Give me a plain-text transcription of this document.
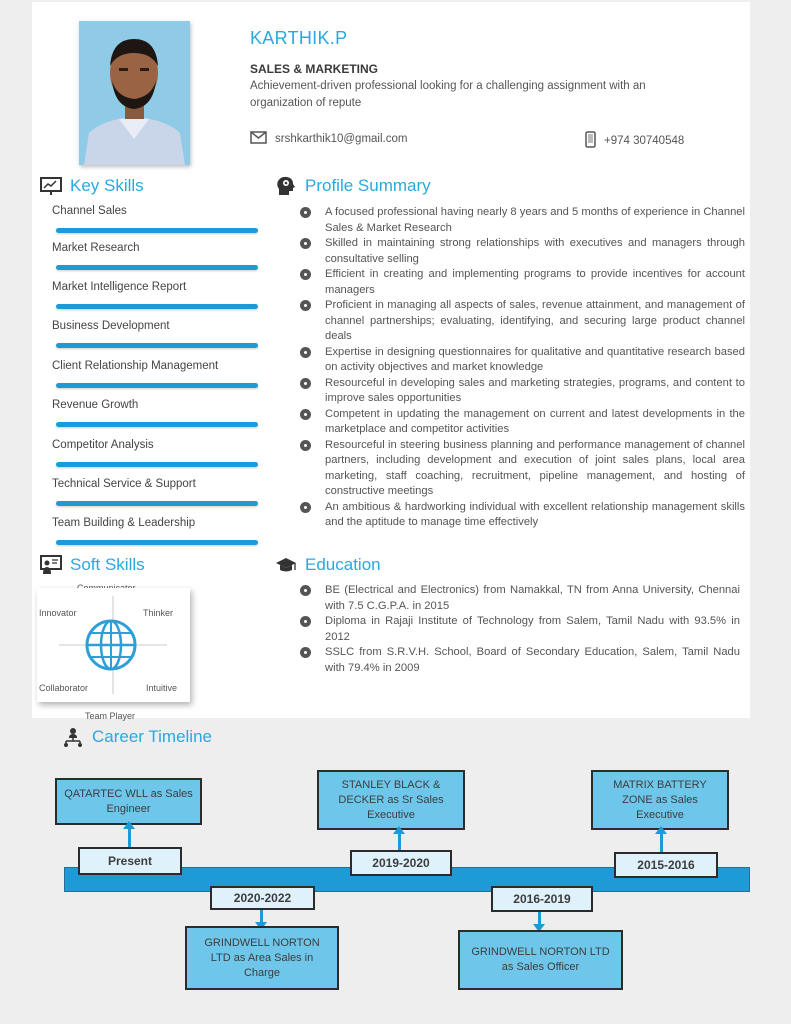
KARTHIK.P
SALES & MARKETING
Achievement-driven professional looking for a challenging assignment with an organization of repute
srshkarthik10@gmail.com	+974 30740548
Key Skills
Channel Sales
Market Research
Market Intelligence Report
Business Development
Client Relationship Management
Revenue Growth
Competitor Analysis
Technical Service & Support
Team Building & Leadership
Profile Summary
A focused professional having nearly 8 years and 5 months of experience in Channel Sales & Market Research
Skilled in maintaining strong relationships with executives and managers through consultative selling
Efficient in creating and implementing programs to provide incentives for account managers
Proficient in managing all aspects of sales, revenue attainment, and management of channel partnerships; evaluating, identifying, and securing large product channel deals
Expertise in designing questionnaires for qualitative and quantitative research based on activity objectives and market knowledge
Resourceful in developing sales and marketing strategies, programs, and content to improve sales opportunities
Competent in updating the management on current and latest developments in the marketplace and competitor activities
Resourceful in steering business planning and performance management of channel partners, including development and execution of joint sales plans, local area marketing, staff coaching, recruitment, pipeline management, and hosting of constructive meetings
An ambitious & hardworking individual with excellent relationship management skills and the aptitude to manage time effectively
Soft Skills
Innovator	Thinker
Collaborator	Intuitive
Team Player
Education
BE (Electrical and Electronics) from Namakkal, TN from Anna University, Chennai with 7.5 C.G.P.A. in 2015
Diploma in Rajaji Institute of Technology from Salem, Tamil Nadu with 93.5% in 2012
SSLC from S.R.V.H. School, Board of Secondary Education, Salem, Tamil Nadu with 79.4% in 2009
Career Timeline
QATARTEC WLL as Sales Engineer
Present
2020-2022
GRINDWELL NORTON LTD as Area Sales in Charge
STANLEY BLACK & DECKER as Sr Sales Executive
2019-2020
2016-2019
GRINDWELL NORTON LTD as Sales Officer
MATRIX BATTERY ZONE as Sales Executive
2015-2016
